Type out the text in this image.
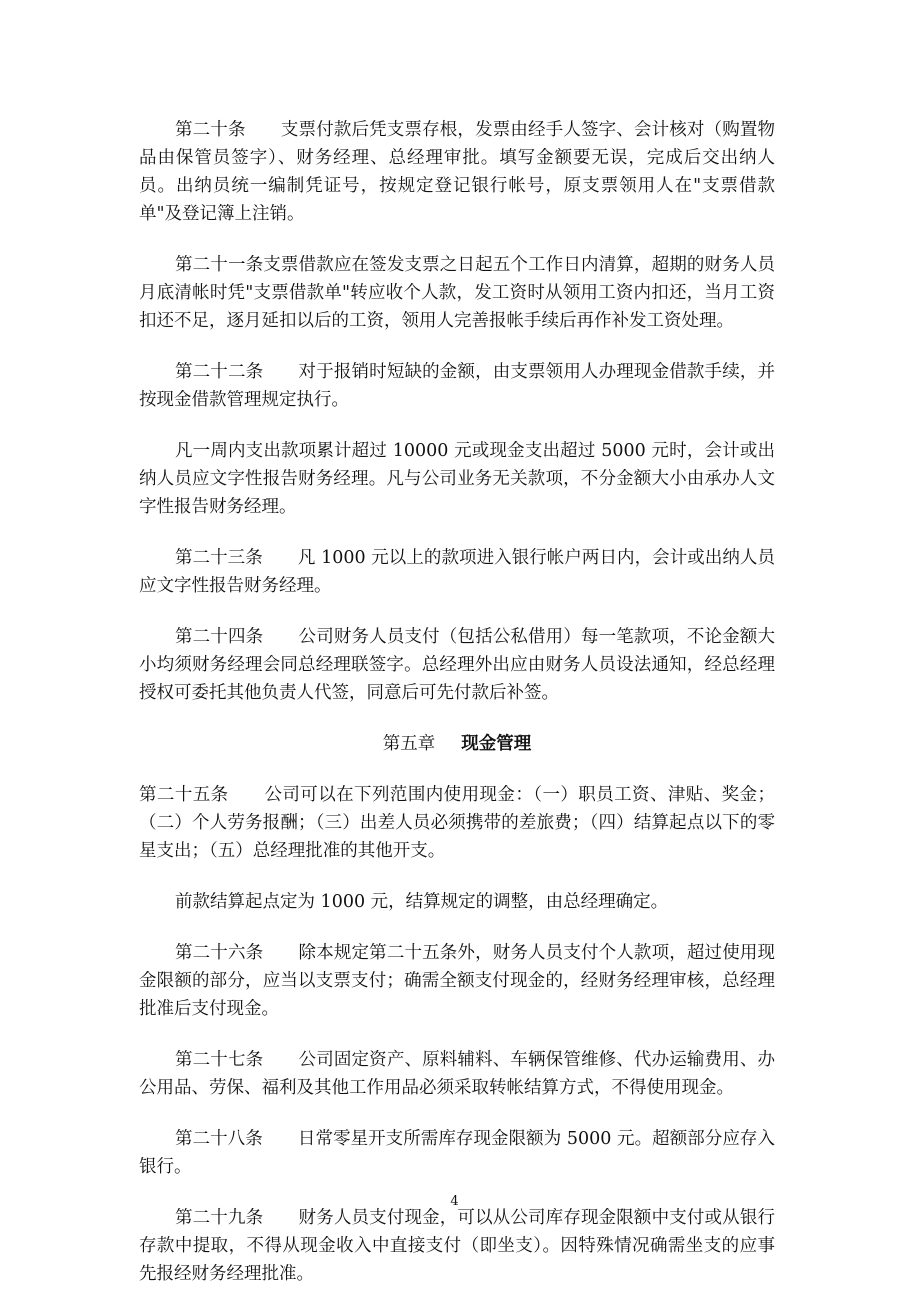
第二十条　　支票付款后凭支票存根，发票由经手人签字、会计核对（购置物品由保管员签字）、财务经理、总经理审批。填写金额要无误，完成后交出纳人员。出纳员统一编制凭证号，按规定登记银行帐号，原支票领用人在"支票借款单"及登记簿上注销。

第二十一条支票借款应在签发支票之日起五个工作日内清算，超期的财务人员月底清帐时凭"支票借款单"转应收个人款，发工资时从领用工资内扣还，当月工资扣还不足，逐月延扣以后的工资，领用人完善报帐手续后再作补发工资处理。

第二十二条　　对于报销时短缺的金额，由支票领用人办理现金借款手续，并按现金借款管理规定执行。

凡一周内支出款项累计超过 10000 元或现金支出超过 5000 元时，会计或出纳人员应文字性报告财务经理。凡与公司业务无关款项，不分金额大小由承办人文字性报告财务经理。

第二十三条　　凡 1000 元以上的款项进入银行帐户两日内，会计或出纳人员应文字性报告财务经理。

第二十四条　　公司财务人员支付（包括公私借用）每一笔款项，不论金额大小均须财务经理会同总经理联签字。总经理外出应由财务人员设法通知，经总经理授权可委托其他负责人代签，同意后可先付款后补签。

第五章 现金管理

第二十五条　　公司可以在下列范围内使用现金：（一）职员工资、津贴、奖金；（二）个人劳务报酬；（三）出差人员必须携带的差旅费；（四）结算起点以下的零星支出；（五）总经理批准的其他开支。

前款结算起点定为 1000 元，结算规定的调整，由总经理确定。

第二十六条　　除本规定第二十五条外，财务人员支付个人款项，超过使用现金限额的部分，应当以支票支付；确需全额支付现金的，经财务经理审核，总经理批准后支付现金。

第二十七条　　公司固定资产、原料辅料、车辆保管维修、代办运输费用、办公用品、劳保、福利及其他工作用品必须采取转帐结算方式，不得使用现金。

第二十八条　　日常零星开支所需库存现金限额为 5000 元。超额部分应存入银行。

第二十九条　　财务人员支付现金，可以从公司库存现金限额中支付或从银行存款中提取，不得从现金收入中直接支付（即坐支）。因特殊情况确需坐支的应事先报经财务经理批准。

4
